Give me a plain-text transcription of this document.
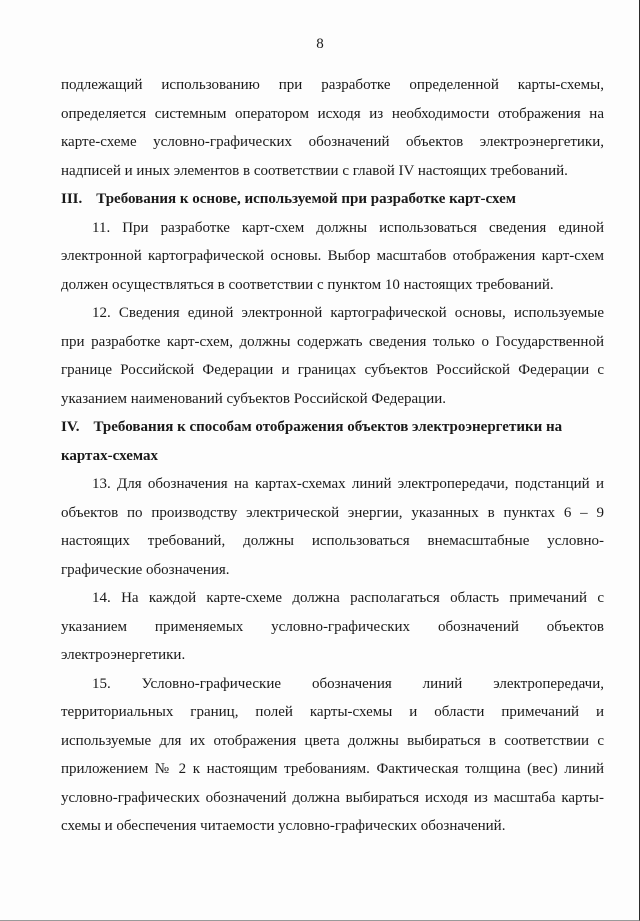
8

подлежащий использованию при разработке определенной карты-схемы, определяется системным оператором исходя из необходимости отображения на карте-схеме условно-графических обозначений объектов электроэнергетики, надписей и иных элементов в соответствии с главой IV настоящих требований.

III. Требования к основе, используемой при разработке карт-схем

11. При разработке карт-схем должны использоваться сведения единой электронной картографической основы. Выбор масштабов отображения карт-схем должен осуществляться в соответствии с пунктом 10 настоящих требований.

12. Сведения единой электронной картографической основы, используемые при разработке карт-схем, должны содержать сведения только о Государственной границе Российской Федерации и границах субъектов Российской Федерации с указанием наименований субъектов Российской Федерации.

IV. Требования к способам отображения объектов электроэнергетики на
картах-схемах

13. Для обозначения на картах-схемах линий электропередачи, подстанций и объектов по производству электрической энергии, указанных в пунктах 6 – 9 настоящих требований, должны использоваться внемасштабные условно-графические обозначения.

14. На каждой карте-схеме должна располагаться область примечаний с указанием применяемых условно-графических обозначений объектов электроэнергетики.

15. Условно-графические обозначения линий электропередачи, территориальных границ, полей карты-схемы и области примечаний и используемые для их отображения цвета должны выбираться в соответствии с приложением № 2 к настоящим требованиям. Фактическая толщина (вес) линий условно-графических обозначений должна выбираться исходя из масштаба карты-схемы и обеспечения читаемости условно-графических обозначений.
